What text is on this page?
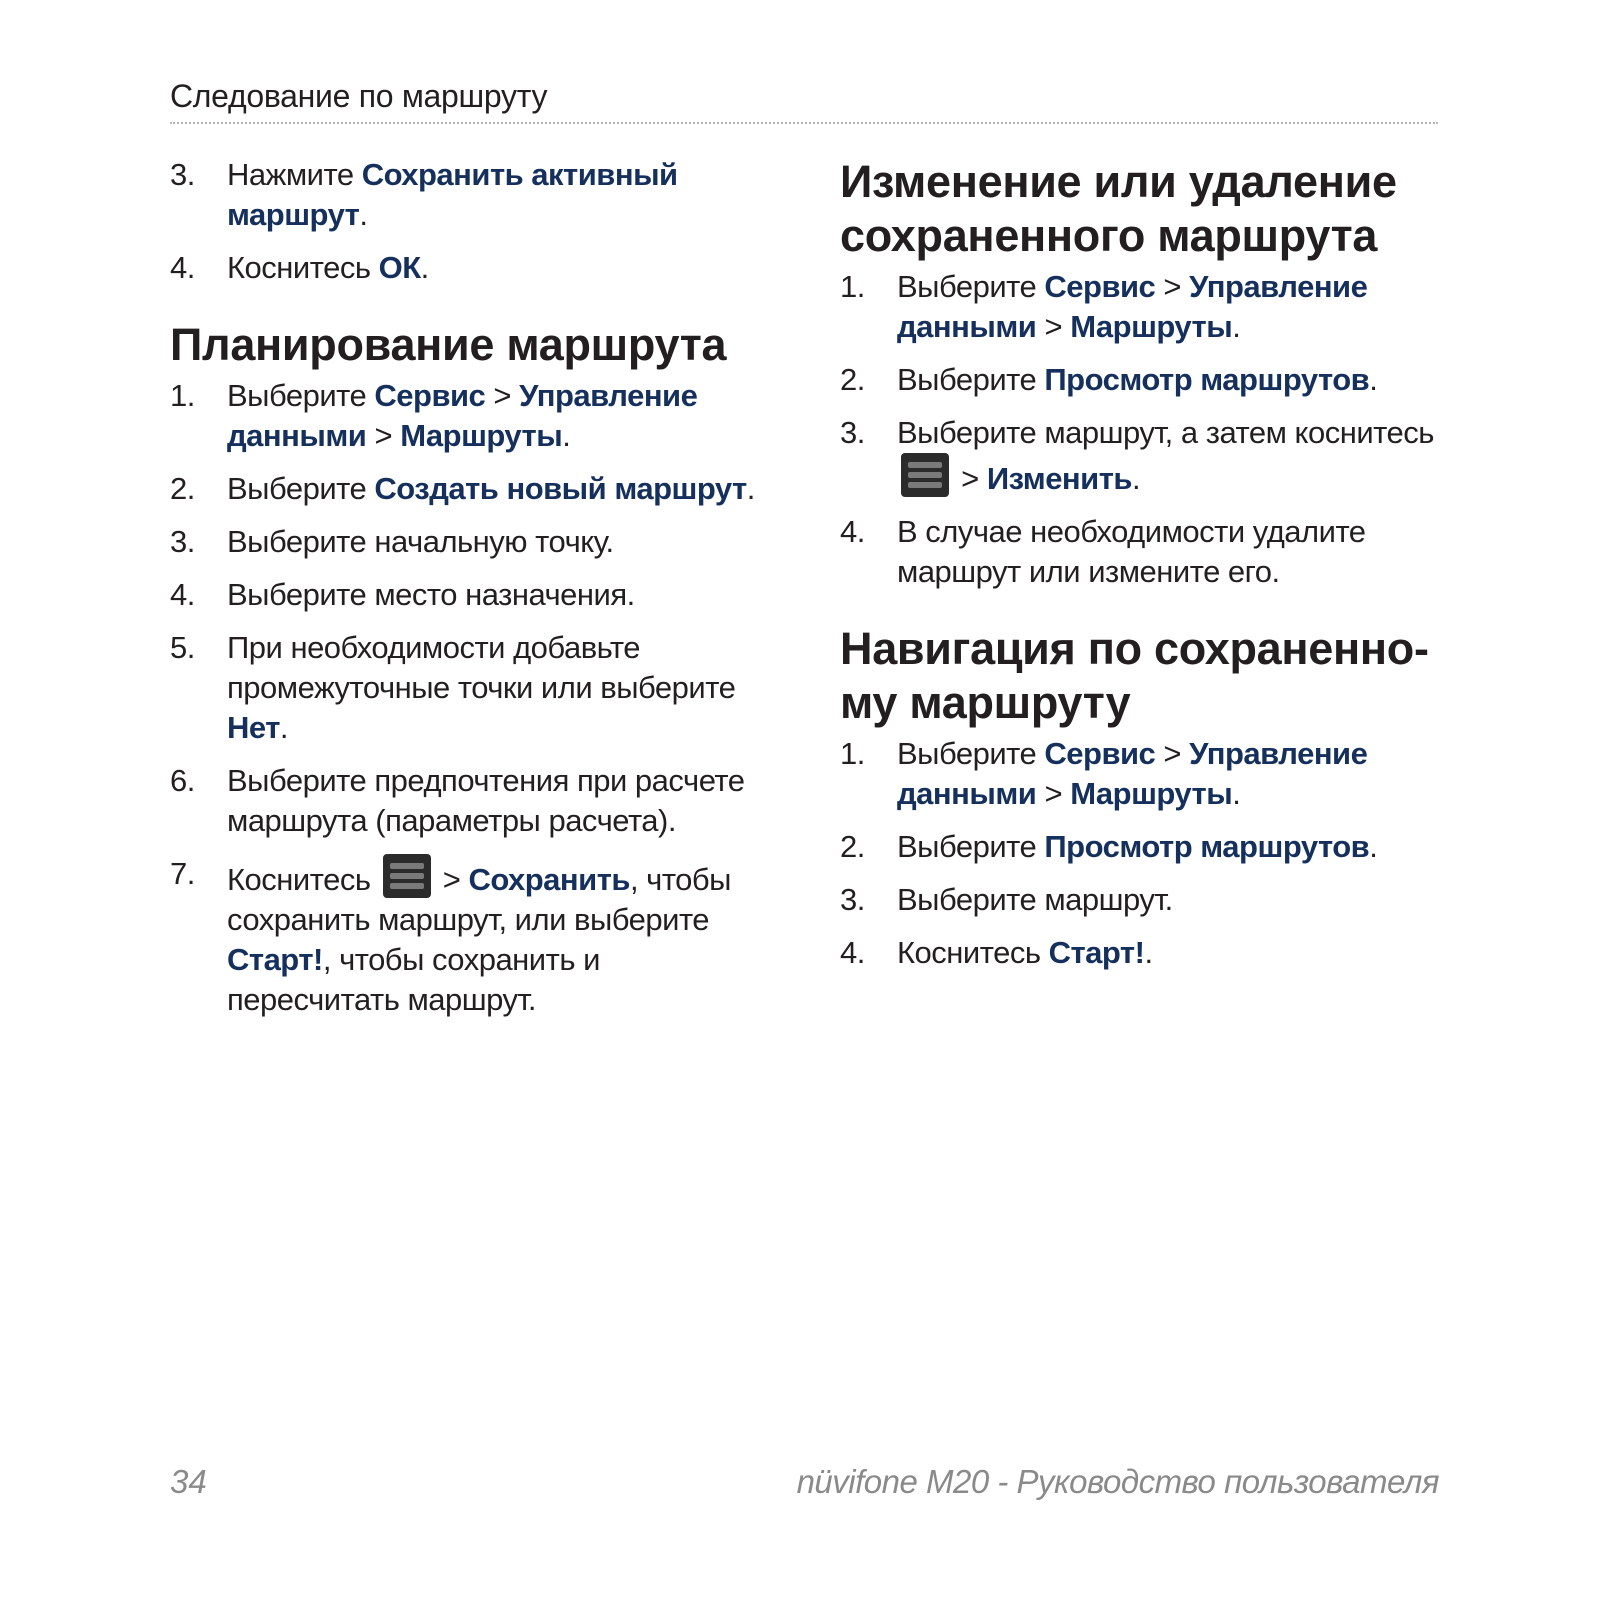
Следование по маршруту
3. Нажмите Сохранить активный маршрут.
4. Коснитесь ОК.
Планирование маршрута
1. Выберите Сервис > Управление данными > Маршруты.
2. Выберите Создать новый маршрут.
3. Выберите начальную точку.
4. Выберите место назначения.
5. При необходимости добавьте промежуточные точки или выберите Нет.
6. Выберите предпочтения при расчете маршрута (параметры расчета).
7. Коснитесь
> Сохранить, чтобы сохранить маршрут, или выберите Старт!, чтобы сохранить и пересчитать маршрут.
Изменение или удаление сохраненного маршрута
1. Выберите Сервис > Управление данными > Маршруты.
2. Выберите Просмотр маршрутов.
3. Выберите маршрут, а затем коснитесь
> Изменить.
4. В случае необходимости удалите маршрут или измените его.
Навигация по сохраненно-му маршруту
1. Выберите Сервис > Управление данными > Маршруты.
2. Выберите Просмотр маршрутов.
3. Выберите маршрут.
4. Коснитесь Старт!.
34	nüvifone M20 - Руководство пользователя
